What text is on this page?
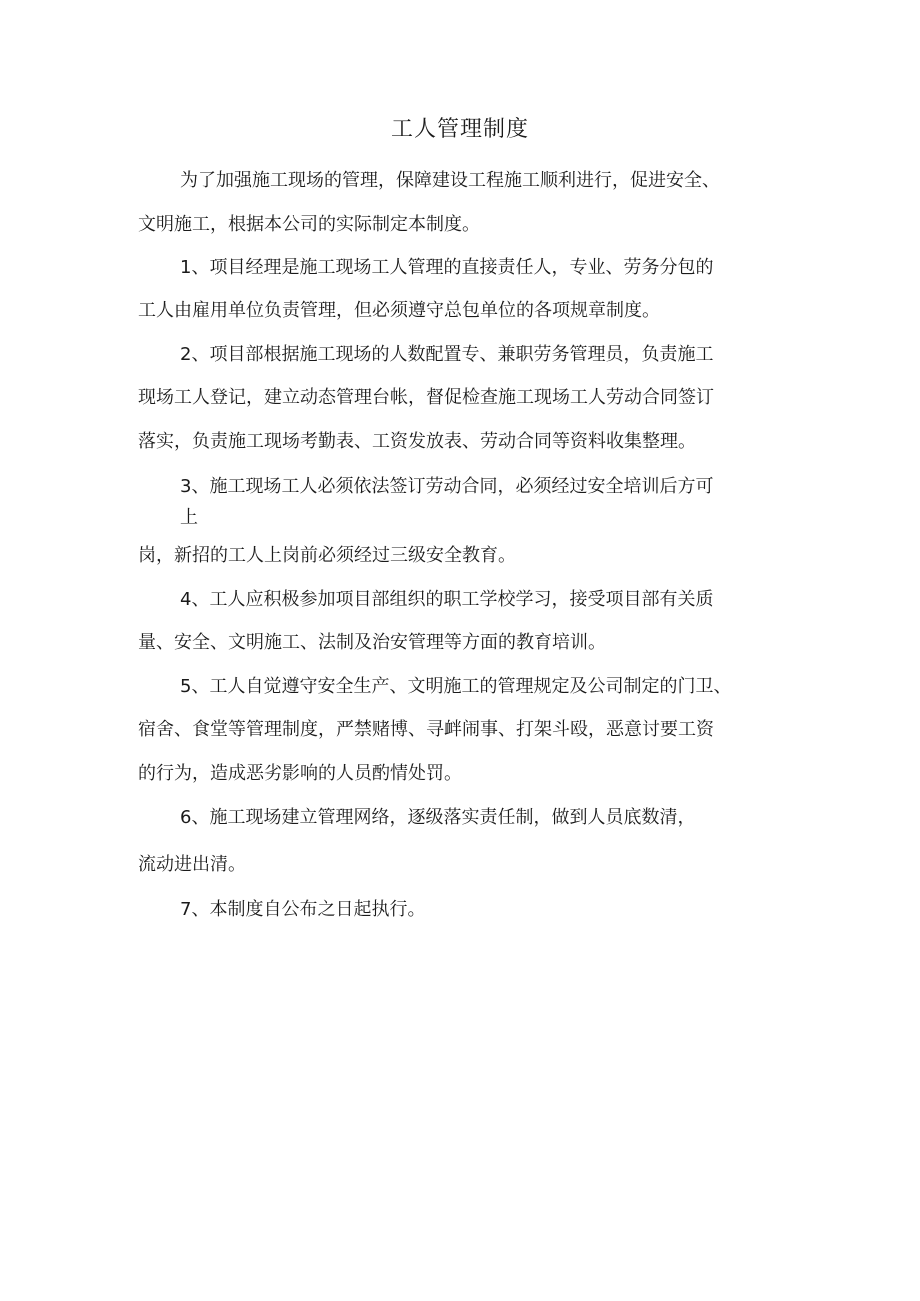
工人管理制度
为了加强施工现场的管理，保障建设工程施工顺利进行，促进安全、
文明施工，根据本公司的实际制定本制度。
1、项目经理是施工现场工人管理的直接责任人，专业、劳务分包的
工人由雇用单位负责管理，但必须遵守总包单位的各项规章制度。
2、项目部根据施工现场的人数配置专、兼职劳务管理员，负责施工
现场工人登记，建立动态管理台帐，督促检查施工现场工人劳动合同签订
落实，负责施工现场考勤表、工资发放表、劳动合同等资料收集整理。
3、施工现场工人必须依法签订劳动合同，必须经过安全培训后方可
上
岗，新招的工人上岗前必须经过三级安全教育。
4、工人应积极参加项目部组织的职工学校学习，接受项目部有关质
量、安全、文明施工、法制及治安管理等方面的教育培训。
5、工人自觉遵守安全生产、文明施工的管理规定及公司制定的门卫、
宿舍、食堂等管理制度，严禁赌博、寻衅闹事、打架斗殴，恶意讨要工资
的行为，造成恶劣影响的人员酌情处罚。
6、施工现场建立管理网络，逐级落实责任制，做到人员底数清，
流动进出清。
7、本制度自公布之日起执行。
